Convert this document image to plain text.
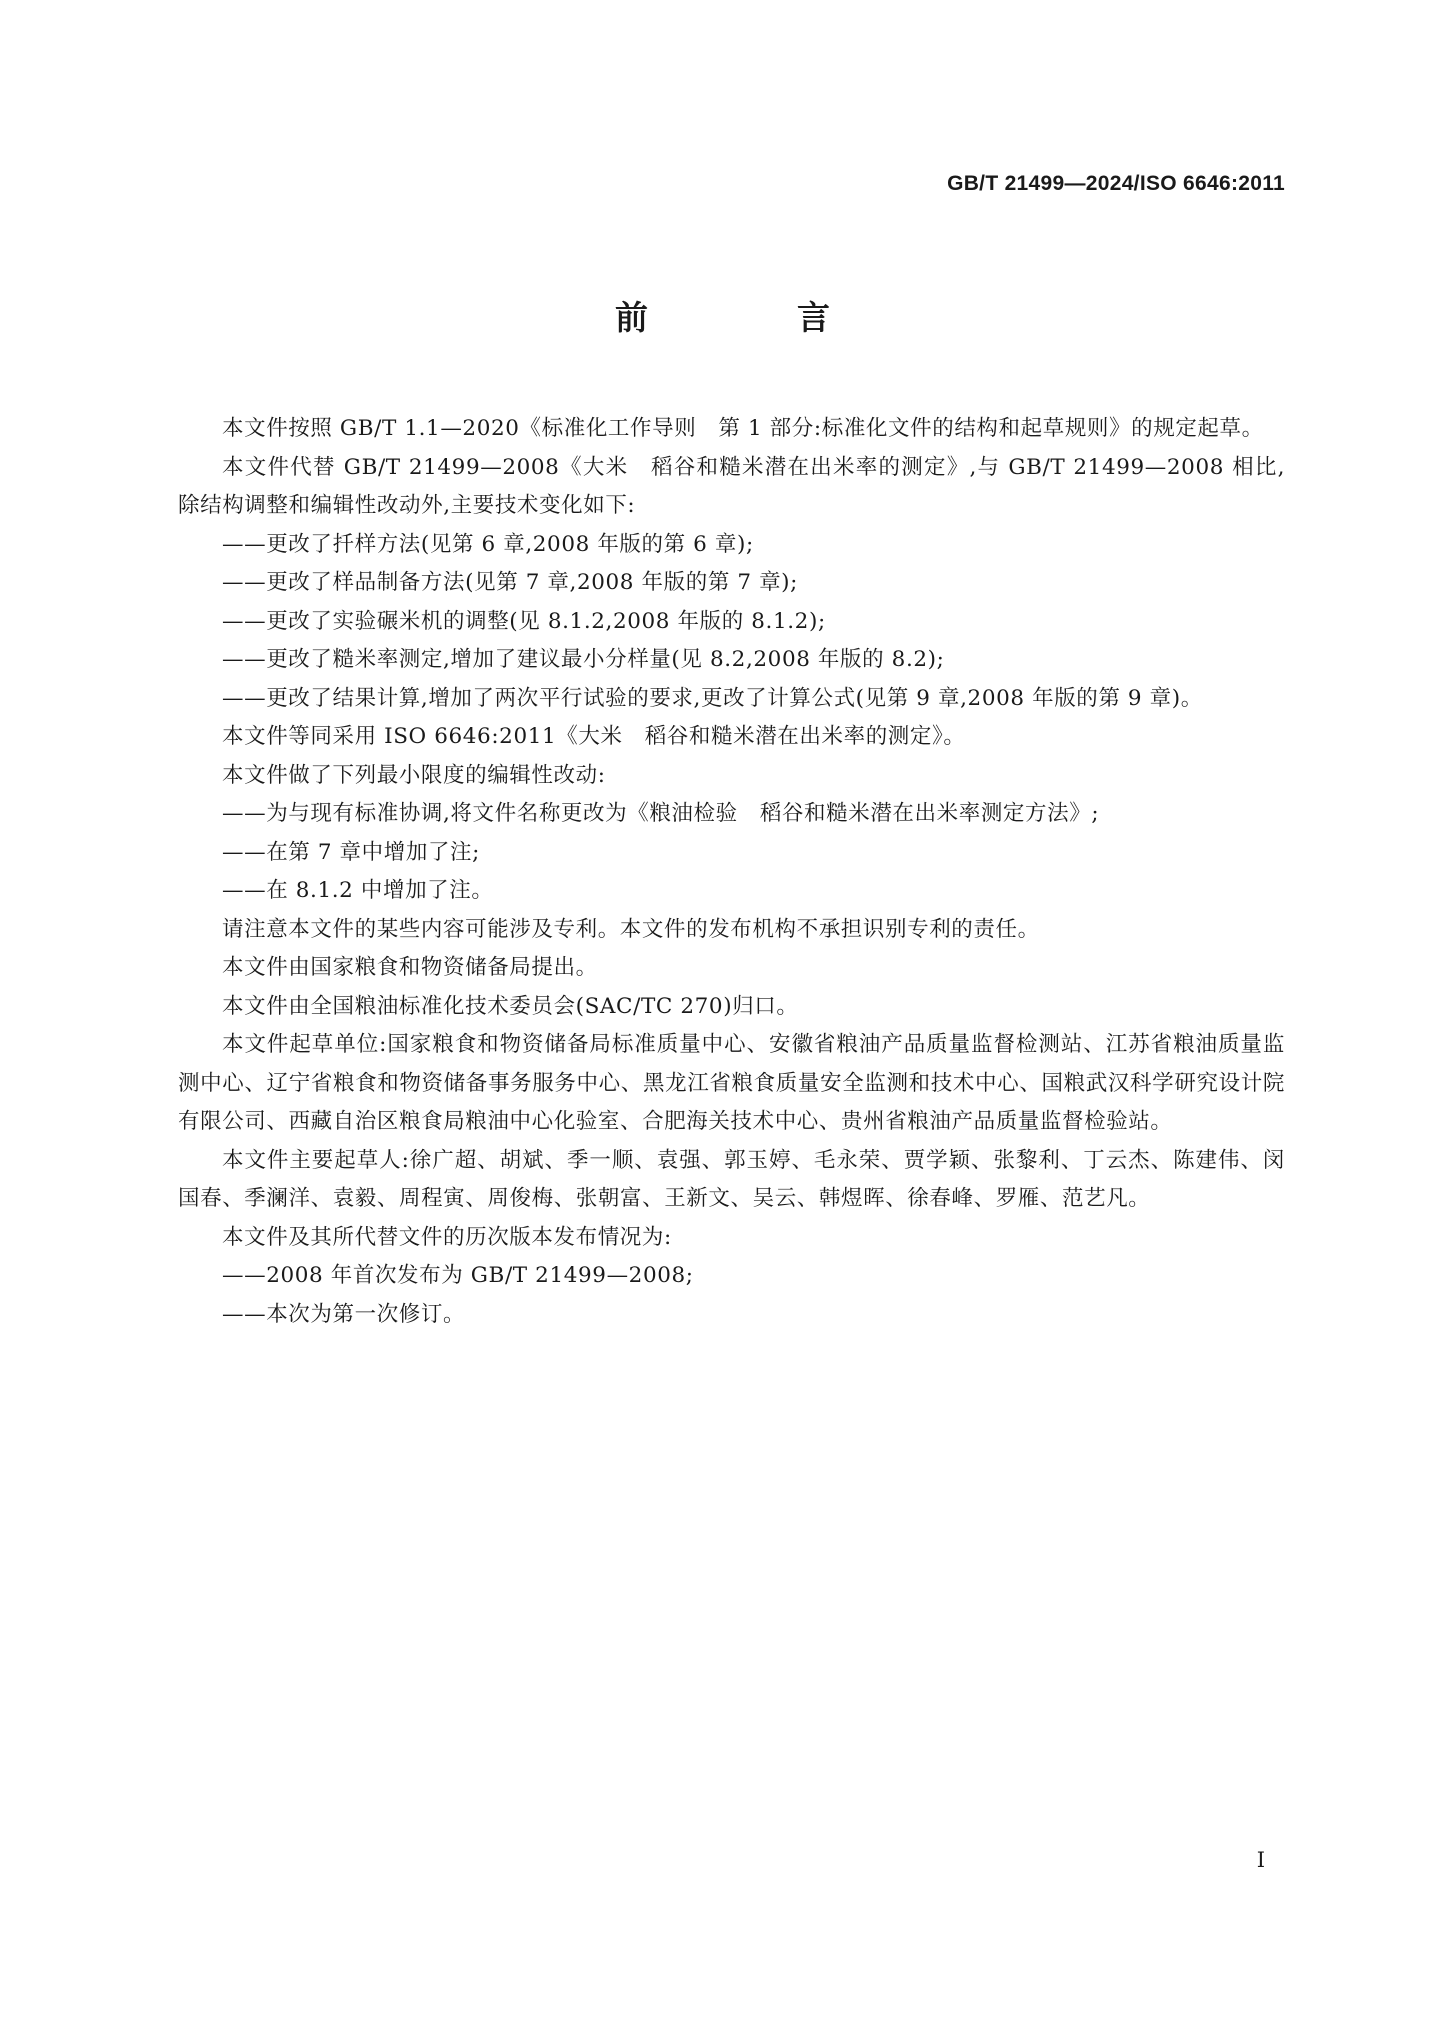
GB/T 21499—2024/ISO 6646:2011
前　言

本文件按照 GB/T 1.1—2020《标准化工作导则　第 1 部分:标准化文件的结构和起草规则》的规定起草。

本文件代替 GB/T 21499—2008《大米　稻谷和糙米潜在出米率的测定》,与 GB/T 21499—2008 相比,除结构调整和编辑性改动外,主要技术变化如下:

——更改了扦样方法(见第 6 章,2008 年版的第 6 章);

——更改了样品制备方法(见第 7 章,2008 年版的第 7 章);

——更改了实验碾米机的调整(见 8.1.2,2008 年版的 8.1.2);

——更改了糙米率测定,增加了建议最小分样量(见 8.2,2008 年版的 8.2);

——更改了结果计算,增加了两次平行试验的要求,更改了计算公式(见第 9 章,2008 年版的第 9 章)。

本文件等同采用 ISO 6646:2011《大米　稻谷和糙米潜在出米率的测定》。

本文件做了下列最小限度的编辑性改动:

——为与现有标准协调,将文件名称更改为《粮油检验　稻谷和糙米潜在出米率测定方法》;

——在第 7 章中增加了注;

——在 8.1.2 中增加了注。

请注意本文件的某些内容可能涉及专利。本文件的发布机构不承担识别专利的责任。

本文件由国家粮食和物资储备局提出。

本文件由全国粮油标准化技术委员会(SAC/TC 270)归口。

本文件起草单位:国家粮食和物资储备局标准质量中心、安徽省粮油产品质量监督检测站、江苏省粮油质量监测中心、辽宁省粮食和物资储备事务服务中心、黑龙江省粮食质量安全监测和技术中心、国粮武汉科学研究设计院有限公司、西藏自治区粮食局粮油中心化验室、合肥海关技术中心、贵州省粮油产品质量监督检验站。

本文件主要起草人:徐广超、胡斌、季一顺、袁强、郭玉婷、毛永荣、贾学颖、张黎利、丁云杰、陈建伟、闵国春、季澜洋、袁毅、周程寅、周俊梅、张朝富、王新文、吴云、韩煜晖、徐春峰、罗雁、范艺凡。

本文件及其所代替文件的历次版本发布情况为:

——2008 年首次发布为 GB/T 21499—2008;

——本次为第一次修订。

I
